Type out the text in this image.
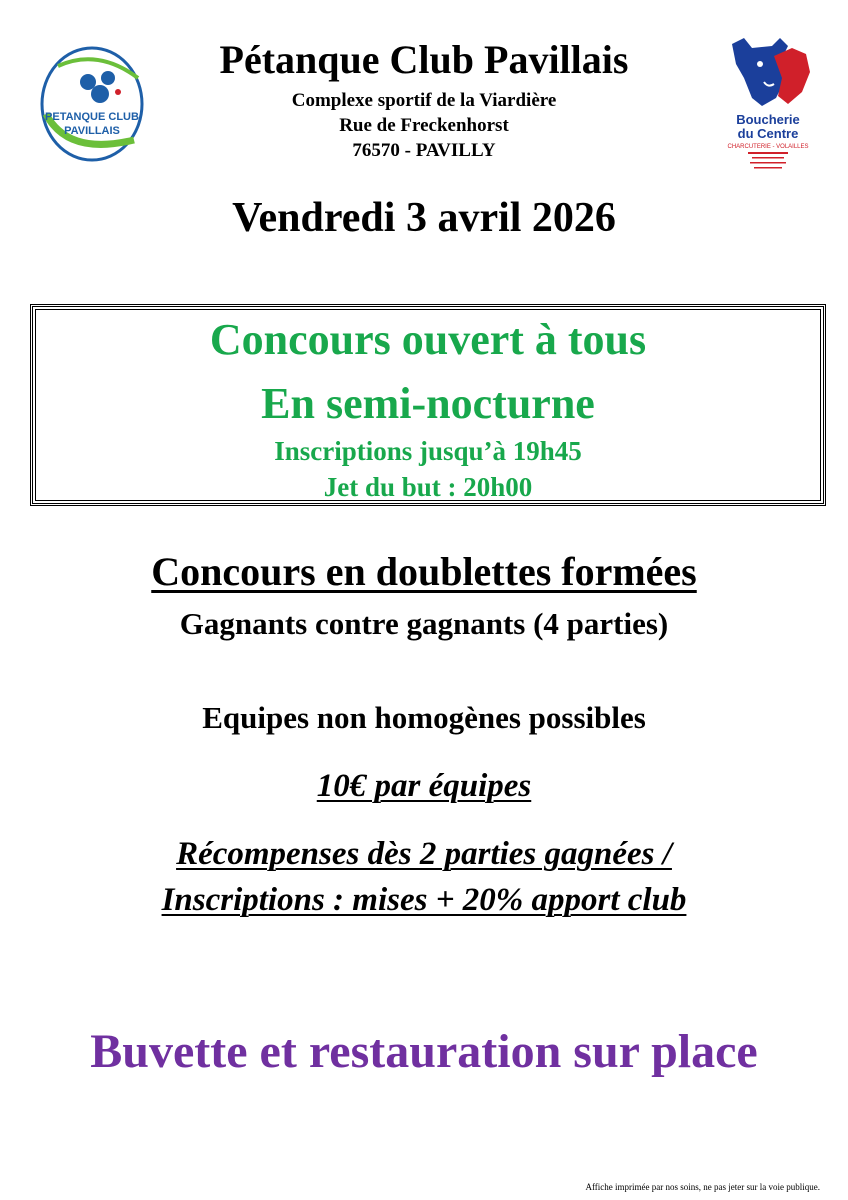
PETANQUE CLUB
PAVILLAIS
Pétanque Club Pavillais
Complexe sportif de la Viardière
Rue de Freckenhorst
76570 - PAVILLY
Boucherie
du Centre
CHARCUTERIE - VOLAILLES
Vendredi 3 avril 2026
Concours ouvert à tous
En semi-nocturne
Inscriptions jusqu’à 19h45
Jet du but : 20h00
Concours en doublettes formées
Gagnants contre gagnants (4 parties)
Equipes non homogènes possibles
10€ par équipes
Récompenses dès 2 parties gagnées /
Inscriptions : mises + 20% apport club
Buvette et restauration sur place
Affiche imprimée par nos soins, ne pas jeter sur la voie publique.
